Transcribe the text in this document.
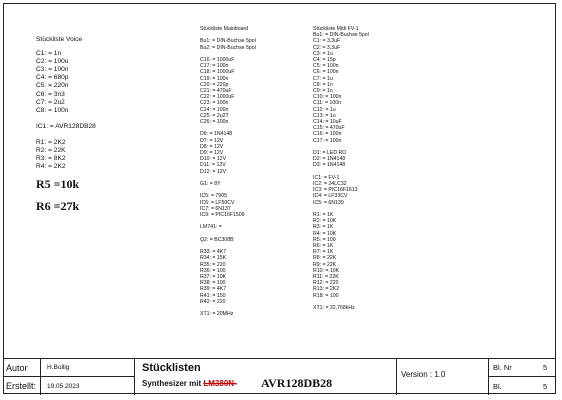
Stückliste Voice
C1: = 1n
C2: = 100u
C3: = 100n
C4: = 680p
C5: = 220n
C6: = 3n3
C7: = 2u2
C8: = 100n
IC1: = AVR128DB28
R1: = 2K2
R2: = 22K
R3: = 8K2
R4: = 2K2
R5 =10k
R6 =27k
Stückliste Mainboard
Bu1: = DIN-Buchse 5pol
Bu2: = DIN-Buchse 5pol
C16: = 1000uF
C17: = 100n
C18: = 1000uF
C19: = 100n
C20: = 220p
C21: = 470uF
C22: = 1000uF
C23: = 100n
C24: = 100n
C25: = 2u2T
C26: = 100n
D6: = 1N4148
D7: = 12V
D8: = 12V
D9: = 12V
D10: = 12V
D11: = 12V
D12: = 12V
G1: = 8Y
IC5: = 7905
IC6: = LF50CV
IC7: = 6N137
IC9: = PIC16F1509
LM741: =
Q2: = BC308B
R33: = 4K7
R34: = 15K
R35: = 220
R36: = 100
R37: = 10K
R38: = 100
R39: = 4K7
R41: = 150
R42: = 220
XT1: = 20MHz
Stückliste Midi FV-1
Bu1: = DIN-Buchse 5pol
C1: = 3,3uF
C2: = 3,3uF
C3: = 1u
C4: = 15p
C5: = 100n
C6: = 100n
C7: = 1u
C8: = 1n
C9: = 1n
C10: = 100n
C11: = 100n
C12: = 1u
C13: = 1u
C14: = 10uF
C15: = 470uF
C16: = 100n
C17: = 100n
D1: = LED RD
D2: = 1N4148
D3: = 1N4148
IC1: = FV-1
IC2: = 24LC32
IC3: = PIC16F1613
IC4: = LF33CV
IC5: = 6N139
R1: = 1K
R2: = 10K
R3: = 1K
R4: = 10K
R5: = 100
R6: = 1K
R7: = 1K
R8: = 22K
R9: = 22K
R10: = 10K
R11: = 22K
R12: = 220
R13: = 2K2
R18: = 100
XT1: = 32,768kHz
Autor	H.Bollig
Erstellt: 19.05.2023
Stücklisten
Synthesizer mit LM380N- AVR128DB28
Version : 1.0
Bl. Nr	5
Bl.	5
